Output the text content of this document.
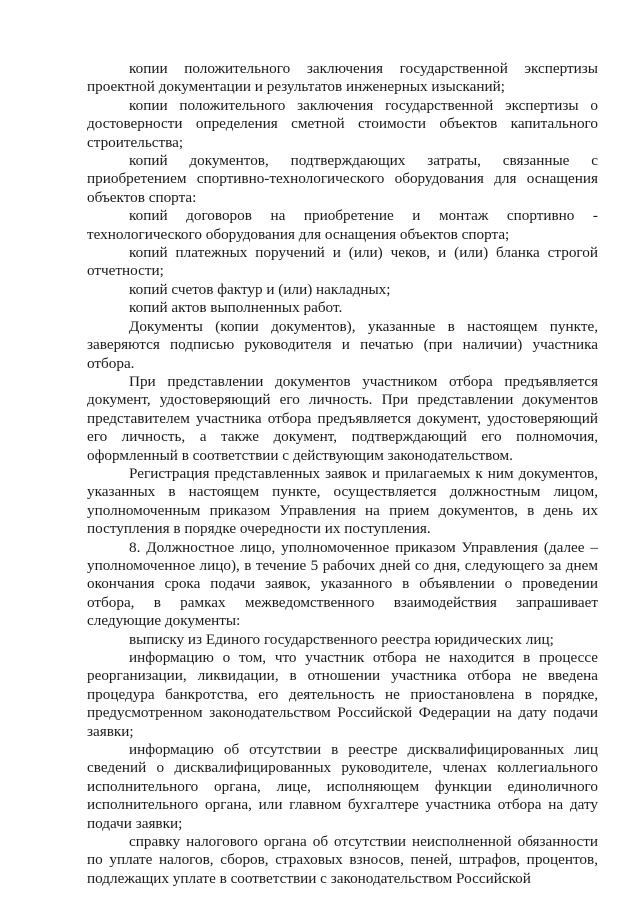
копии положительного заключения государственной экспертизы проектной документации и результатов инженерных изысканий;

копии положительного заключения государственной экспертизы о достоверности определения сметной стоимости объектов капитального строительства;

копий документов, подтверждающих затраты, связанные с приобретением спортивно-технологического оборудования для оснащения объектов спорта:

копий договоров на приобретение и монтаж спортивно - технологического оборудования для оснащения объектов спорта;

копий платежных поручений и (или) чеков, и (или) бланка строгой отчетности;

копий счетов фактур и (или) накладных;

копий актов выполненных работ.

Документы (копии документов), указанные в настоящем пункте, заверяются подписью руководителя и печатью (при наличии) участника отбора.

При представлении документов участником отбора предъявляется документ, удостоверяющий его личность. При представлении документов представителем участника отбора предъявляется документ, удостоверяющий его личность, а также документ, подтверждающий его полномочия, оформленный в соответствии с действующим законодательством.

Регистрация представленных заявок и прилагаемых к ним документов, указанных в настоящем пункте, осуществляется должностным лицом, уполномоченным приказом Управления на прием документов, в день их поступления в порядке очередности их поступления.

8. Должностное лицо, уполномоченное приказом Управления (далее – уполномоченное лицо), в течение 5 рабочих дней со дня, следующего за днем окончания срока подачи заявок, указанного в объявлении о проведении отбора, в рамках межведомственного взаимодействия запрашивает следующие документы:

выписку из Единого государственного реестра юридических лиц;

информацию о том, что участник отбора не находится в процессе реорганизации, ликвидации, в отношении участника отбора не введена процедура банкротства, его деятельность не приостановлена в порядке, предусмотренном законодательством Российской Федерации на дату подачи заявки;

информацию об отсутствии в реестре дисквалифицированных лиц сведений о дисквалифицированных руководителе, членах коллегиального исполнительного органа, лице, исполняющем функции единоличного исполнительного органа, или главном бухгалтере участника отбора на дату подачи заявки;

справку налогового органа об отсутствии неисполненной обязанности по уплате налогов, сборов, страховых взносов, пеней, штрафов, процентов, подлежащих уплате в соответствии с законодательством Российской
